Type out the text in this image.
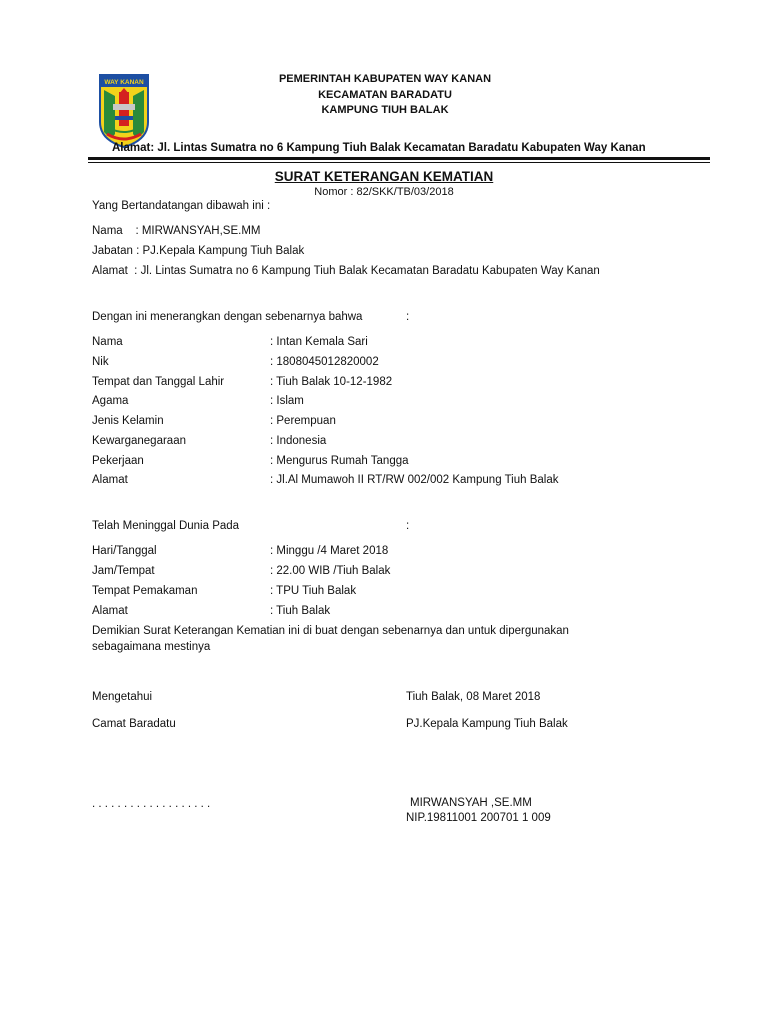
WAY KANAN	PEMERINTAH KABUPATEN WAY KANAN
KECAMATAN BARADATU
KAMPUNG TIUH BALAK
Alamat: Jl. Lintas Sumatra no 6 Kampung Tiuh Balak Kecamatan Baradatu Kabupaten Way Kanan
SURAT KETERANGAN KEMATIAN
Nomor : 82/SKK/TB/03/2018
Yang Bertandatangan dibawah ini :
Nama    : MIRWANSYAH,SE.MM
Jabatan : PJ.Kepala Kampung Tiuh Balak
Alamat  : Jl. Lintas Sumatra no 6 Kampung Tiuh Balak Kecamatan Baradatu Kabupaten Way Kanan
Dengan ini menerangkan dengan sebenarnya bahwa	:
Nama	: Intan Kemala Sari
Nik	: 1808045012820002
Tempat dan Tanggal Lahir	: Tiuh Balak 10-12-1982
Agama	: Islam
Jenis Kelamin	: Perempuan
Kewarganegaraan	: Indonesia
Pekerjaan	: Mengurus Rumah Tangga
Alamat	: Jl.Al Mumawoh II RT/RW 002/002 Kampung Tiuh Balak
Telah Meninggal Dunia Pada	:
Hari/Tanggal	: Minggu /4 Maret 2018
Jam/Tempat	: 22.00 WIB /Tiuh Balak
Tempat Pemakaman	: TPU Tiuh Balak
Alamat	: Tiuh Balak
Demikian Surat Keterangan Kematian ini di buat dengan sebenarnya dan untuk dipergunakan
sebagaimana mestinya
Mengetahui
Camat Baradatu
. . . . . . . . . . . . . . . . . . .
Tiuh Balak, 08 Maret 2018
PJ.Kepala Kampung Tiuh Balak
MIRWANSYAH ,SE.MM
NIP.19811001 200701 1 009
